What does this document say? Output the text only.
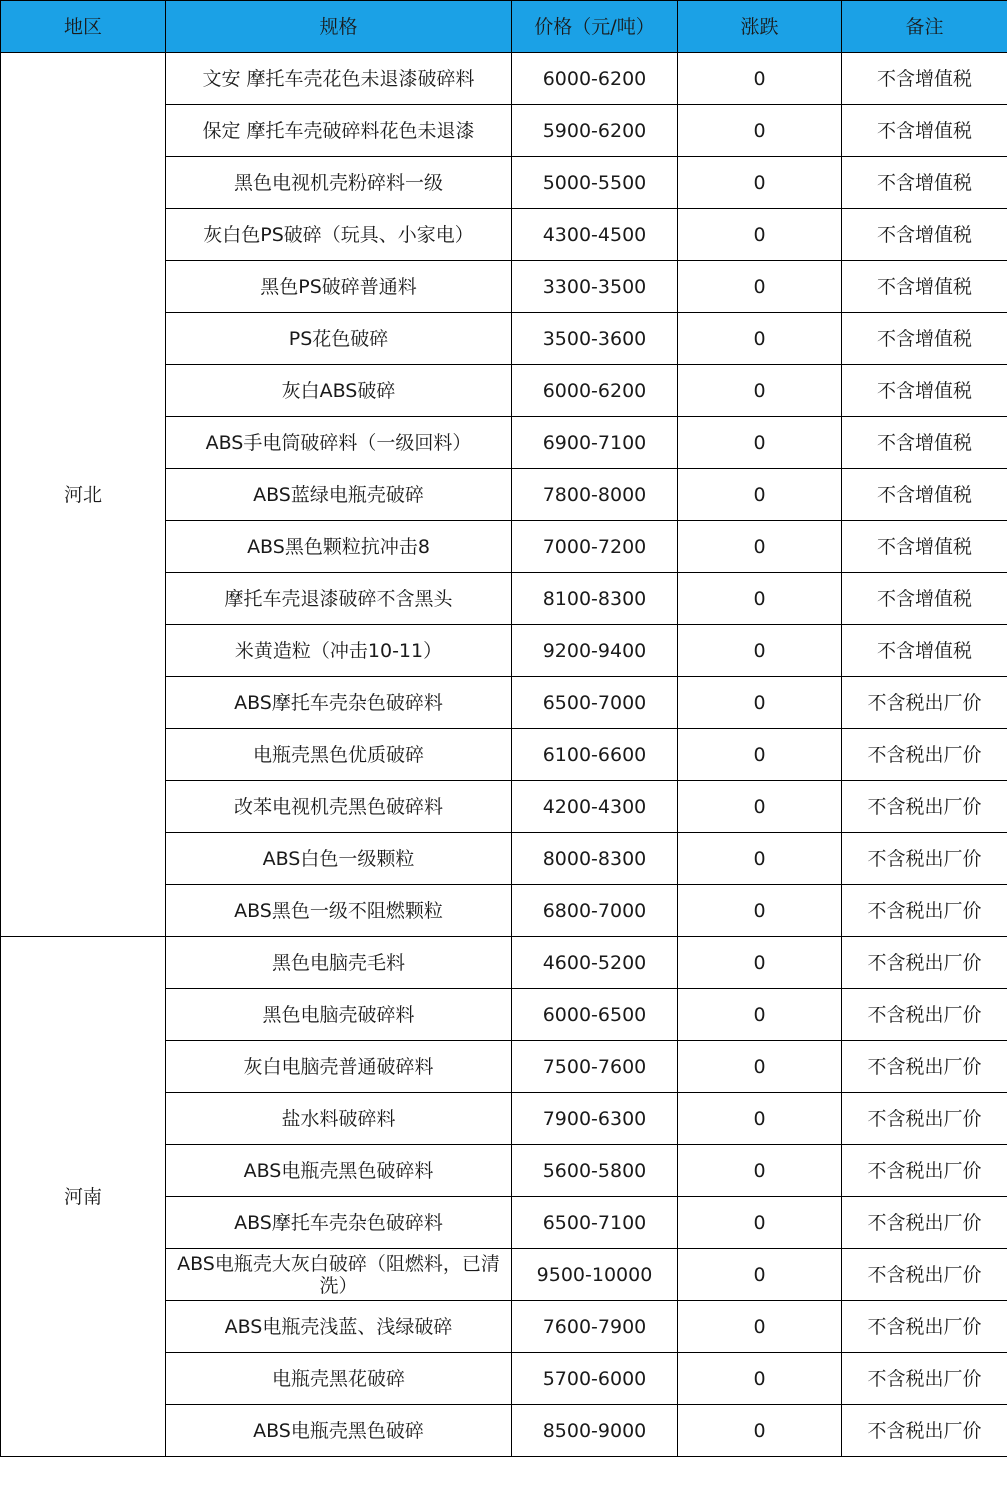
地区	规格	价格（元/吨）	涨跌	备注
河北	文安 摩托车壳花色未退漆破碎料	6000-6200	0	不含增值税
	保定 摩托车壳破碎料花色未退漆	5900-6200	0	不含增值税
	黑色电视机壳粉碎料一级	5000-5500	0	不含增值税
	灰白色PS破碎（玩具、小家电）	4300-4500	0	不含增值税
	黑色PS破碎普通料	3300-3500	0	不含增值税
	PS花色破碎	3500-3600	0	不含增值税
	灰白ABS破碎	6000-6200	0	不含增值税
	ABS手电筒破碎料（一级回料）	6900-7100	0	不含增值税
	ABS蓝绿电瓶壳破碎	7800-8000	0	不含增值税
	ABS黑色颗粒抗冲击8	7000-7200	0	不含增值税
	摩托车壳退漆破碎不含黑头	8100-8300	0	不含增值税
	米黄造粒（冲击10-11）	9200-9400	0	不含增值税
	ABS摩托车壳杂色破碎料	6500-7000	0	不含税出厂价
	电瓶壳黑色优质破碎	6100-6600	0	不含税出厂价
	改苯电视机壳黑色破碎料	4200-4300	0	不含税出厂价
	ABS白色一级颗粒	8000-8300	0	不含税出厂价
	ABS黑色一级不阻燃颗粒	6800-7000	0	不含税出厂价
河南	黑色电脑壳毛料	4600-5200	0	不含税出厂价
	黑色电脑壳破碎料	6000-6500	0	不含税出厂价
	灰白电脑壳普通破碎料	7500-7600	0	不含税出厂价
	盐水料破碎料	7900-6300	0	不含税出厂价
	ABS电瓶壳黑色破碎料	5600-5800	0	不含税出厂价
	ABS摩托车壳杂色破碎料	6500-7100	0	不含税出厂价
	ABS电瓶壳大灰白破碎（阻燃料，已清洗）	9500-10000	0	不含税出厂价
	ABS电瓶壳浅蓝、浅绿破碎	7600-7900	0	不含税出厂价
	电瓶壳黑花破碎	5700-6000	0	不含税出厂价
	ABS电瓶壳黑色破碎	8500-9000	0	不含税出厂价
